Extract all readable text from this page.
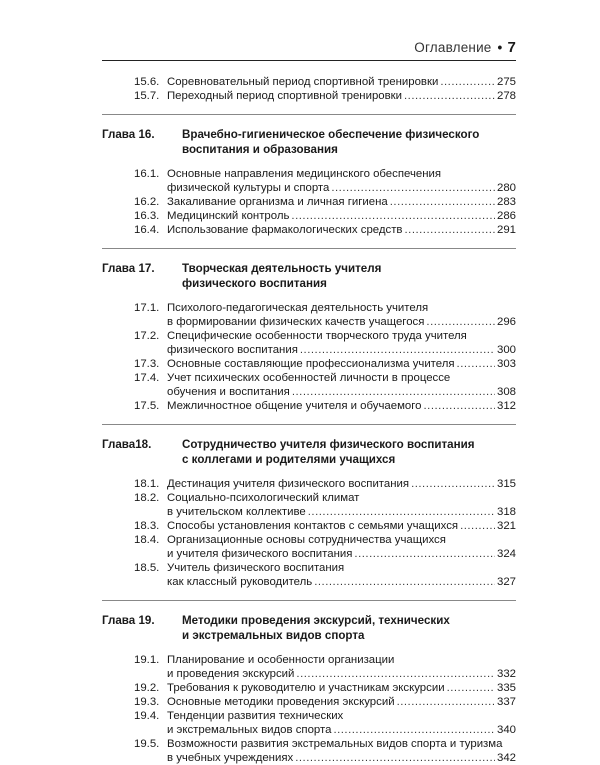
Оглавление • 7
15.6. Соревновательный период спортивной тренировки .....	275
15.7. Переходный период спортивной тренировки .....	278
Глава 16. Врачебно-гигиеническое обеспечение физического
воспитания и образования
16.1. Основные направления медицинского обеспечения
физической культуры и спорта .....	280
16.2. Закаливание организма и личная гигиена .....	283
16.3. Медицинский контроль .....	286
16.4. Использование фармакологических средств .....	291
Глава 17. Творческая деятельность учителя
физического воспитания
17.1. Психолого-педагогическая деятельность учителя
в формировании физических качеств учащегося .....	296
17.2. Специфические особенности творческого труда учителя
физического воспитания .....	300
17.3. Основные составляющие профессионализма учителя .....	303
17.4. Учет психических особенностей личности в процессе
обучения и воспитания .....	308
17.5. Межличностное общение учителя и обучаемого .....	312
Глава18.	Сотрудничество учителя физического воспитания
с коллегами и родителями учащихся
18.1. Дестинация учителя физического воспитания .....	315
18.2. Социально-психологический климат
в учительском коллективе .....	318
18.3. Способы установления контактов с семьями учащихся .....	321
18.4. Организационные основы сотрудничества учащихся
и учителя физического воспитания .....	324
18.5. Учитель физического воспитания
как классный руководитель .....	327
Глава 19. Методики проведения экскурсий, технических
и экстремальных видов спорта
19.1. Планирование и особенности организации
и проведения экскурсий .....	332
19.2. Требования к руководителю и участникам экскурсии .....	335
19.3. Основные методики проведения экскурсий .....	337
19.4. Тенденции развития технических
и экстремальных видов спорта .....	340
19.5. Возможности развития экстремальных видов спорта и туризма
в учебных учреждениях .....	342
